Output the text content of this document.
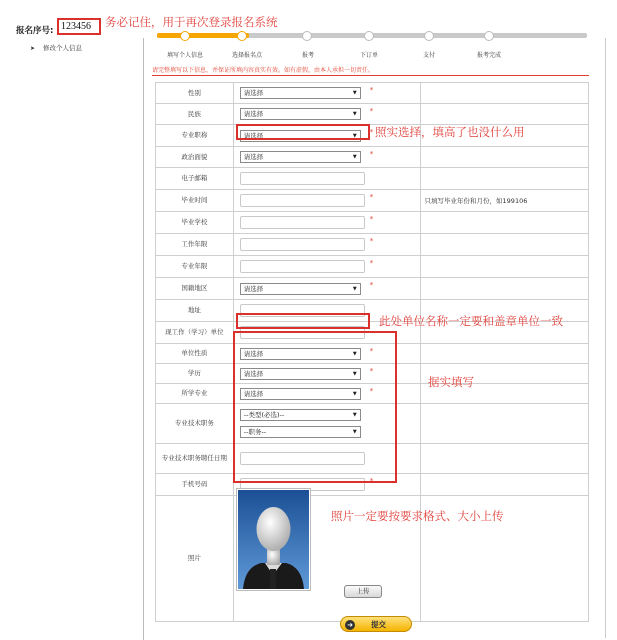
报名序号: 123456	务必记住，用于再次登录报名系统
➤ 修改个人信息
填写个人信息	选择报名点	报考	下订单	支付	报考完成
请完整填写以下信息，并保证所填内容真实有效。如有虚假，由本人承担一切责任。
性别	请选择 ▼ *	

民族	请选择 ▼ *	

专业职称	请选择 ▼ *	

政治面貌	请选择 ▼ *	

电子邮箱		
毕业时间	*	只填写毕业年份和月份，如199106
毕业学校	*	

工作年限	*	

专业年限	*	

国籍地区	请选择 ▼ *	

地址		
现工作（学习）单位		
单位性质	请选择 ▼ *	

学历	请选择 ▼ *	

所学专业	请选择 ▼ *	

专业技术职务	--类型(必选)-- ▼

--职务-- ▼	

专业技术职务聘任日期		
手机号码	*	

照片		
上传
照实选择，填高了也没什么用
此处单位名称一定要和盖章单位一致
据实填写
照片一定要按要求格式、大小上传
➜ 提交
